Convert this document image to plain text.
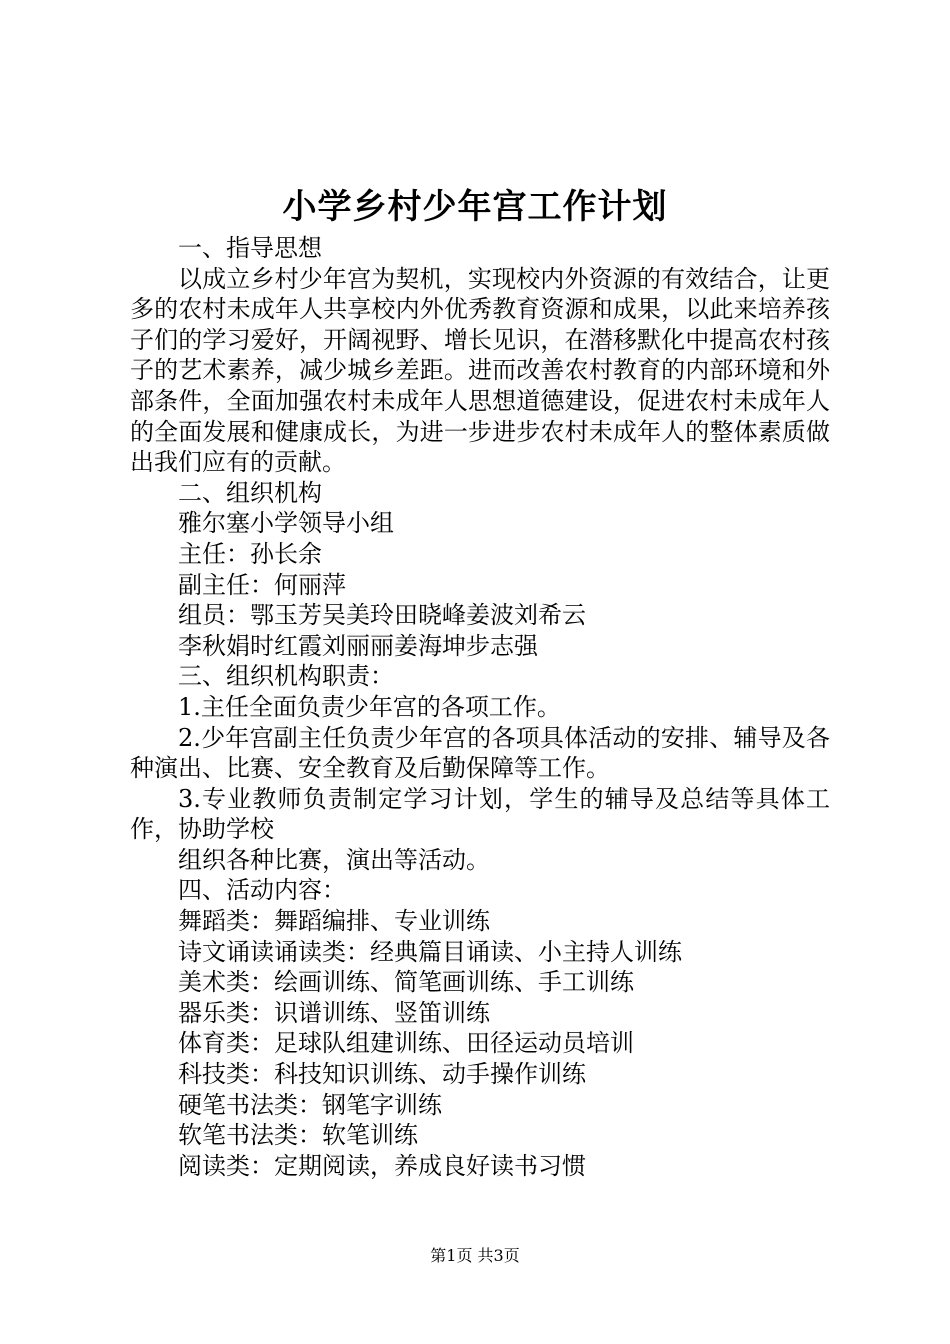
小学乡村少年宫工作计划

一、指导思想

以成立乡村少年宫为契机，实现校内外资源的有效结合，让更多的农村未成年人共享校内外优秀教育资源和成果，以此来培养孩子们的学习爱好，开阔视野、增长见识，在潜移默化中提高农村孩子的艺术素养，减少城乡差距。进而改善农村教育的内部环境和外部条件，全面加强农村未成年人思想道德建设，促进农村未成年人的全面发展和健康成长，为进一步进步农村未成年人的整体素质做出我们应有的贡献。

二、组织机构

雅尔塞小学领导小组

主任：孙长余

副主任：何丽萍

组员：鄂玉芳吴美玲田晓峰姜波刘希云

李秋娟时红霞刘丽丽姜海坤步志强

三、组织机构职责：

1.主任全面负责少年宫的各项工作。

2.少年宫副主任负责少年宫的各项具体活动的安排、辅导及各种演出、比赛、安全教育及后勤保障等工作。

3.专业教师负责制定学习计划，学生的辅导及总结等具体工作，协助学校

组织各种比赛，演出等活动。

四、活动内容：

舞蹈类：舞蹈编排、专业训练

诗文诵读诵读类：经典篇目诵读、小主持人训练

美术类：绘画训练、简笔画训练、手工训练

器乐类：识谱训练、竖笛训练

体育类：足球队组建训练、田径运动员培训

科技类：科技知识训练、动手操作训练

硬笔书法类：钢笔字训练

软笔书法类：软笔训练

阅读类：定期阅读，养成良好读书习惯

第1页 共3页
